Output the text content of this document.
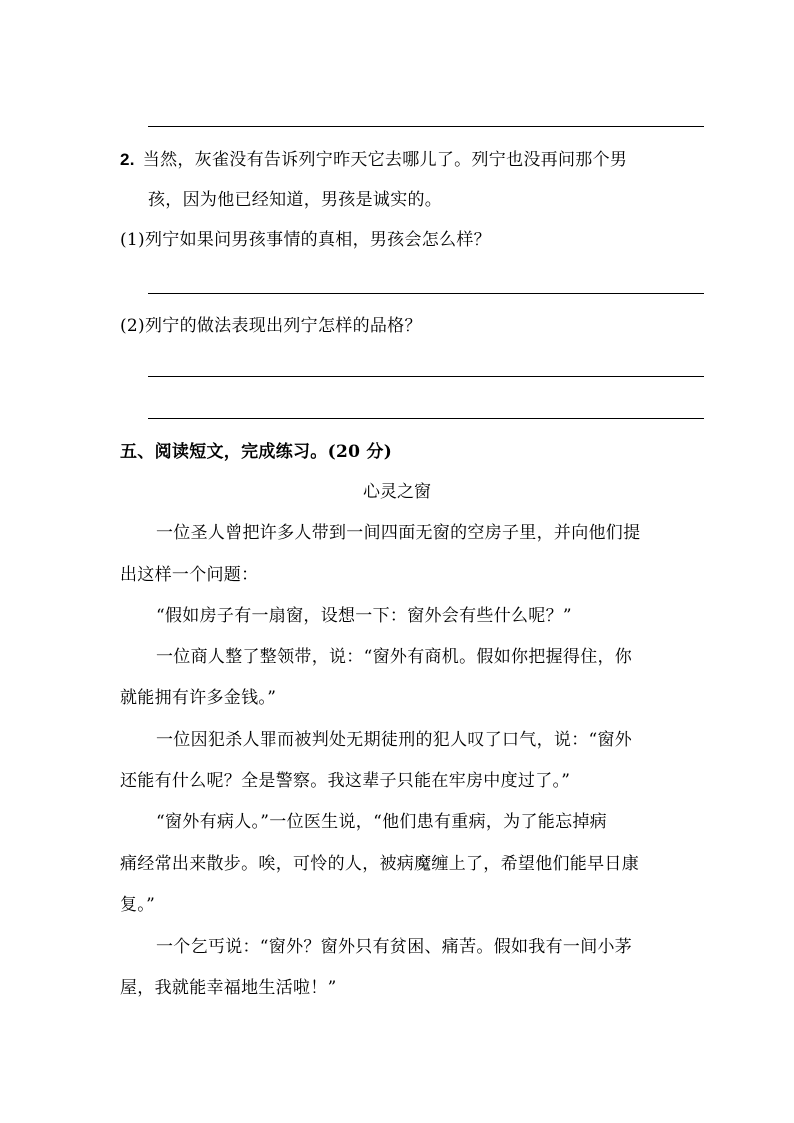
2. 当然，灰雀没有告诉列宁昨天它去哪儿了。列宁也没再问那个男
孩，因为他已经知道，男孩是诚实的。
(1)列宁如果问男孩事情的真相，男孩会怎么样？
(2)列宁的做法表现出列宁怎样的品格？
五、阅读短文，完成练习。(20 分)
心灵之窗
一位圣人曾把许多人带到一间四面无窗的空房子里，并向他们提
出这样一个问题：
“假如房子有一扇窗，设想一下：窗外会有些什么呢？”
一位商人整了整领带，说：“窗外有商机。假如你把握得住，你
就能拥有许多金钱。”
一位因犯杀人罪而被判处无期徒刑的犯人叹了口气，说：“窗外
还能有什么呢？全是警察。我这辈子只能在牢房中度过了。”
“窗外有病人。”一位医生说，“他们患有重病，为了能忘掉病
痛经常出来散步。唉，可怜的人，被病魔缠上了，希望他们能早日康
复。”
一个乞丐说：“窗外？窗外只有贫困、痛苦。假如我有一间小茅
屋，我就能幸福地生活啦！”
